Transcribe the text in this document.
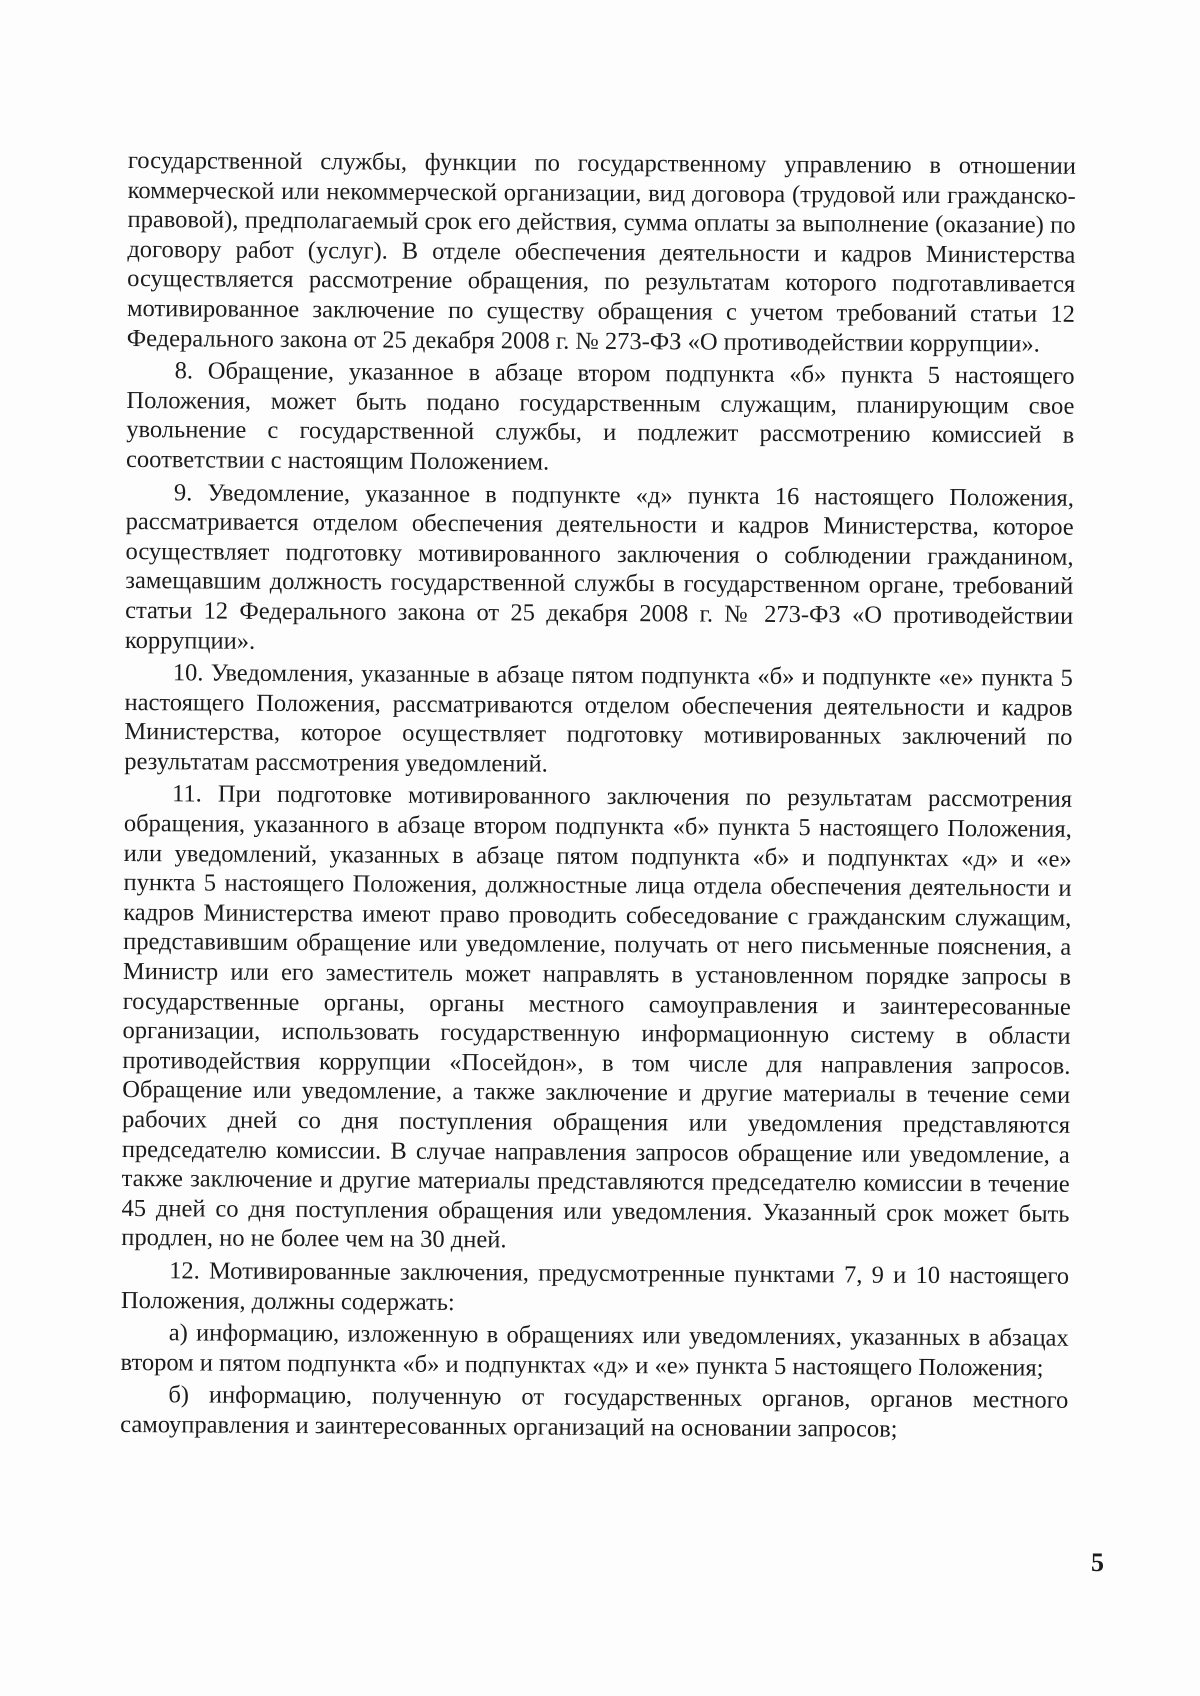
государственной службы, функции по государственному управлению в отношении коммерческой или некоммерческой организации, вид договора (трудовой или гражданско-правовой), предполагаемый срок его действия, сумма оплаты за выполнение (оказание) по договору работ (услуг). В отделе обеспечения деятельности и кадров Министерства осуществляется рассмотрение обращения, по результатам которого подготавливается мотивированное заключение по существу обращения с учетом требований статьи 12 Федерального закона от 25 декабря 2008 г. № 273-ФЗ «О противодействии коррупции».

8. Обращение, указанное в абзаце втором подпункта «б» пункта 5 настоящего Положения, может быть подано государственным служащим, планирующим свое увольнение с государственной службы, и подлежит рассмотрению комиссией в соответствии с настоящим Положением.

9. Уведомление, указанное в подпункте «д» пункта 16 настоящего Положения, рассматривается отделом обеспечения деятельности и кадров Министерства, которое осуществляет подготовку мотивированного заключения о соблюдении гражданином, замещавшим должность государственной службы в государственном органе, требований статьи 12 Федерального закона от 25 декабря 2008 г. № 273-ФЗ «О противодействии коррупции».

10. Уведомления, указанные в абзаце пятом подпункта «б» и подпункте «е» пункта 5 настоящего Положения, рассматриваются отделом обеспечения деятельности и кадров Министерства, которое осуществляет подготовку мотивированных заключений по результатам рассмотрения уведомлений.

11. При подготовке мотивированного заключения по результатам рассмотрения обращения, указанного в абзаце втором подпункта «б» пункта 5 настоящего Положения, или уведомлений, указанных в абзаце пятом подпункта «б» и подпунктах «д» и «е» пункта 5 настоящего Положения, должностные лица отдела обеспечения деятельности и кадров Министерства имеют право проводить собеседование с гражданским служащим, представившим обращение или уведомление, получать от него письменные пояснения, а Министр или его заместитель может направлять в установленном порядке запросы в государственные органы, органы местного самоуправления и заинтересованные организации, использовать государственную информационную систему в области противодействия коррупции «Посейдон», в том числе для направления запросов. Обращение или уведомление, а также заключение и другие материалы в течение семи рабочих дней со дня поступления обращения или уведомления представляются председателю комиссии. В случае направления запросов обращение или уведомление, а также заключение и другие материалы представляются председателю комиссии в течение 45 дней со дня поступления обращения или уведомления. Указанный срок может быть продлен, но не более чем на 30 дней.

12. Мотивированные заключения, предусмотренные пунктами 7, 9 и 10 настоящего Положения, должны содержать:

а) информацию, изложенную в обращениях или уведомлениях, указанных в абзацах втором и пятом подпункта «б» и подпунктах «д» и «е» пункта 5 настоящего Положения;

б) информацию, полученную от государственных органов, органов местного самоуправления и заинтересованных организаций на основании запросов;

5
